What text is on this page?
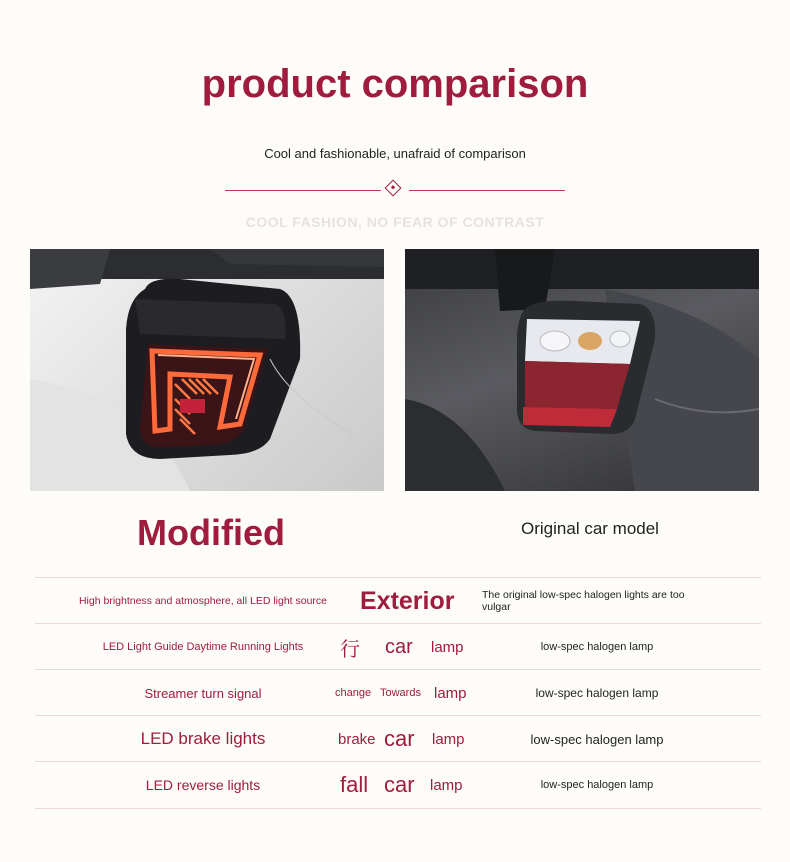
product comparison
Cool and fashionable, unafraid of comparison
COOL FASHION, NO FEAR OF CONTRAST
Modified	Original car model
High brightness and atmosphere, all LED light source	Exterior	The original low-spec halogen lights are too vulgar
LED Light Guide Daytime Running Lights	行 car lamp	low-spec halogen lamp
Streamer turn signal	change Towards lamp	low-spec halogen lamp
LED brake lights	brake car lamp	low-spec halogen lamp
LED reverse lights	fall car lamp	low-spec halogen lamp
